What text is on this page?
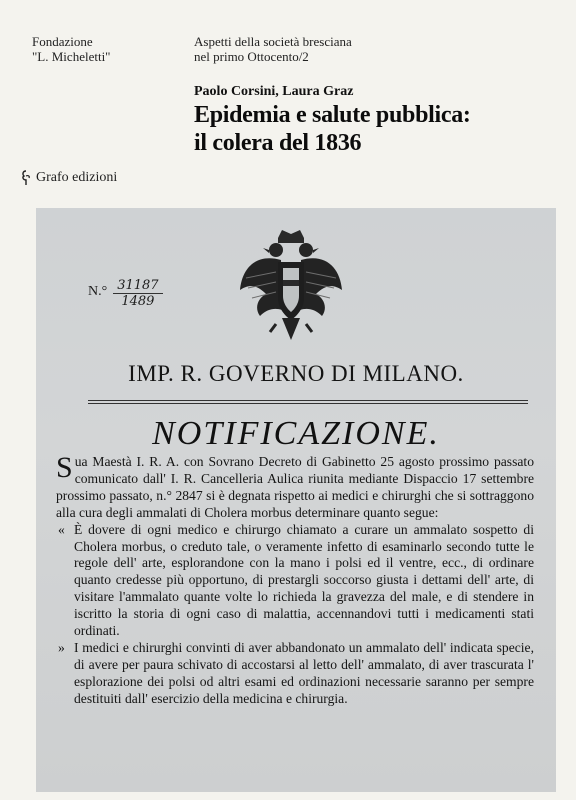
Fondazione
"L. Micheletti"
Aspetti della società bresciana
nel primo Ottocento/2
Paolo Corsini, Laura Graz
Epidemia e salute pubblica:
il colera del 1836
Grafo edizioni
$N.^\circ \frac{31187}{1489}$
IMP. R. GOVERNO DI MILANO.
NOTIFICAZIONE.

Sua Maestà I. R. A. con Sovrano Decreto di Gabinetto 25 agosto prossimo passato comunicato dall' I. R. Cancelleria Aulica riunita mediante Dispaccio 17 settembre prossimo passato, n.° 2847 si è degnata rispetto ai medici e chirurghi che si sottraggono alla cura degli ammalati di Cholera morbus determinare quanto segue:

« È dovere di ogni medico e chirurgo chiamato a curare un ammalato sospetto di Cholera morbus, o creduto tale, o veramente infetto di esaminarlo secondo tutte le regole dell' arte, esplorandone con la mano i polsi ed il ventre, ecc., di ordinare quanto credesse più opportuno, di prestargli soccorso giusta i dettami dell' arte, di visitare l'ammalato quante volte lo richieda la gravezza del male, e di stendere in iscritto la storia di ogni caso di malattia, accennandovi tutti i medicamenti stati ordinati.

» I medici e chirurghi convinti di aver abbandonato un ammalato dell' indicata specie, di avere per paura schivato di accostarsi al letto dell' ammalato, di aver trascurata l' esplorazione dei polsi od altri esami ed ordinazioni necessarie saranno per sempre destituiti dall' esercizio della medicina e chirurgia.
